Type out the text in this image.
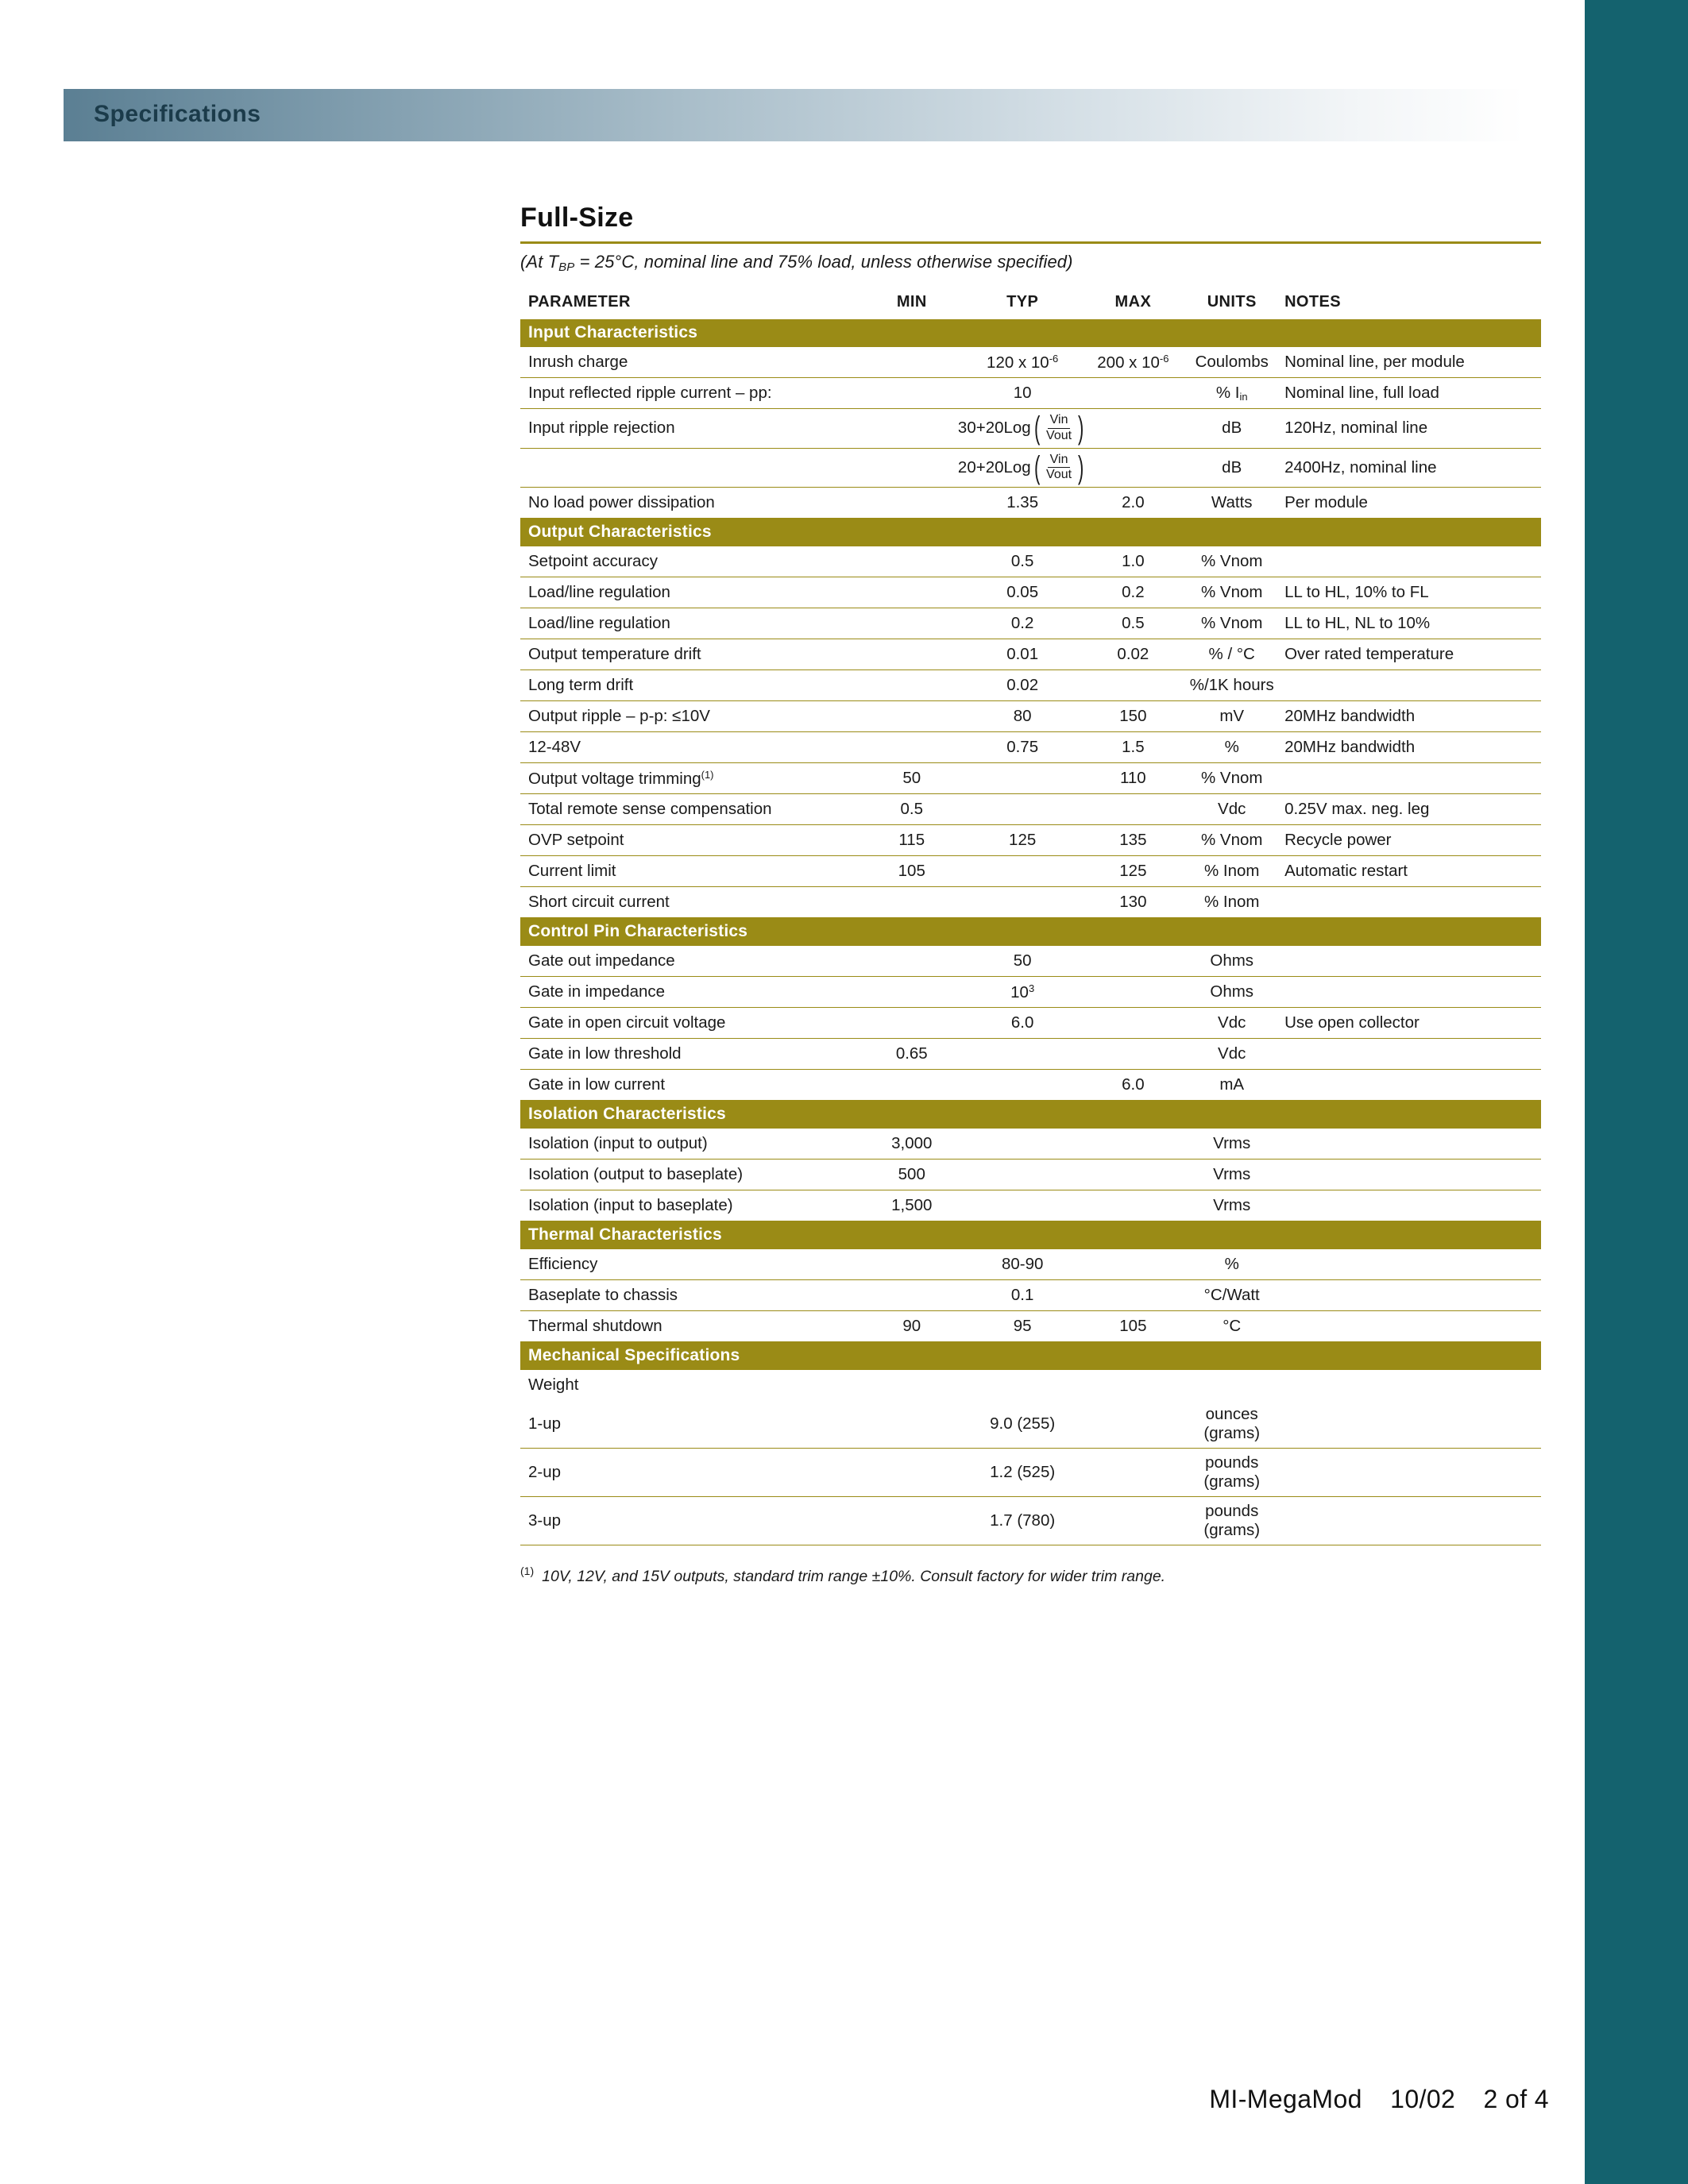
Specifications
Full-Size
(At $T_{BP} = 25^\circ C$, nominal line and 75% load, unless otherwise specified)
PARAMETER	MIN	TYP	MAX	UNITS	NOTES
Input Characteristics					
Inrush charge		120 x $10^{-6}$	200 x $10^{-6}$	Coulombs	Nominal line, per module
Input reflected ripple current – pp:		10		% $I_{in}$	Nominal line, full load
Input ripple rejection		30+20Log ( $\frac{\text{Vin}}{\text{Vout}}$ )		dB	120Hz, nominal line

		20+20Log ( $\frac{\text{Vin}}{\text{Vout}}$ )		dB	2400Hz, nominal line
No load power dissipation		1.35	2.0	Watts	Per module
Output Characteristics					
Setpoint accuracy		0.5	1.0	% Vnom	
Load/line regulation		0.05	0.2	% Vnom	LL to HL, 10% to FL
Load/line regulation		0.2	0.5	% Vnom	LL to HL, NL to 10%
Output temperature drift		0.01	0.02	% / °C	Over rated temperature
Long term drift		0.02		%/1K hours	
Output ripple – p-p: ≤10V		80	150	mV	20MHz bandwidth
12-48V		0.75	1.5	%	20MHz bandwidth
Output voltage trimming$^{(1)}$	50		110	% Vnom	
Total remote sense compensation	0.5			Vdc	0.25V max. neg. leg
OVP setpoint	115	125	135	% Vnom	Recycle power
Current limit	105		125	% Inom	Automatic restart
Short circuit current			130	% Inom	
Control Pin Characteristics					
Gate out impedance		50		Ohms	
Gate in impedance		$10^3$		Ohms	
Gate in open circuit voltage		6.0		Vdc	Use open collector
Gate in low threshold	0.65			Vdc	
Gate in low current			6.0	mA	
Isolation Characteristics					
Isolation (input to output)	3,000			Vrms	
Isolation (output to baseplate)	500			Vrms	
Isolation (input to baseplate)	1,500			Vrms	
Thermal Characteristics					
Efficiency		80-90		%	
Baseplate to chassis		0.1		°C/Watt	
Thermal shutdown	90	95	105	°C	
Mechanical Specifications					
Weight					
1-up		9.0 (255)		ounces (grams)	
2-up		1.2 (525)		pounds (grams)	
3-up		1.7 (780)		pounds (grams)	
$^{(1)}$ 10V, 12V, and 15V outputs, standard trim range ±10%. Consult factory for wider trim range.
MI-MegaMod 10/02 2 of 4
